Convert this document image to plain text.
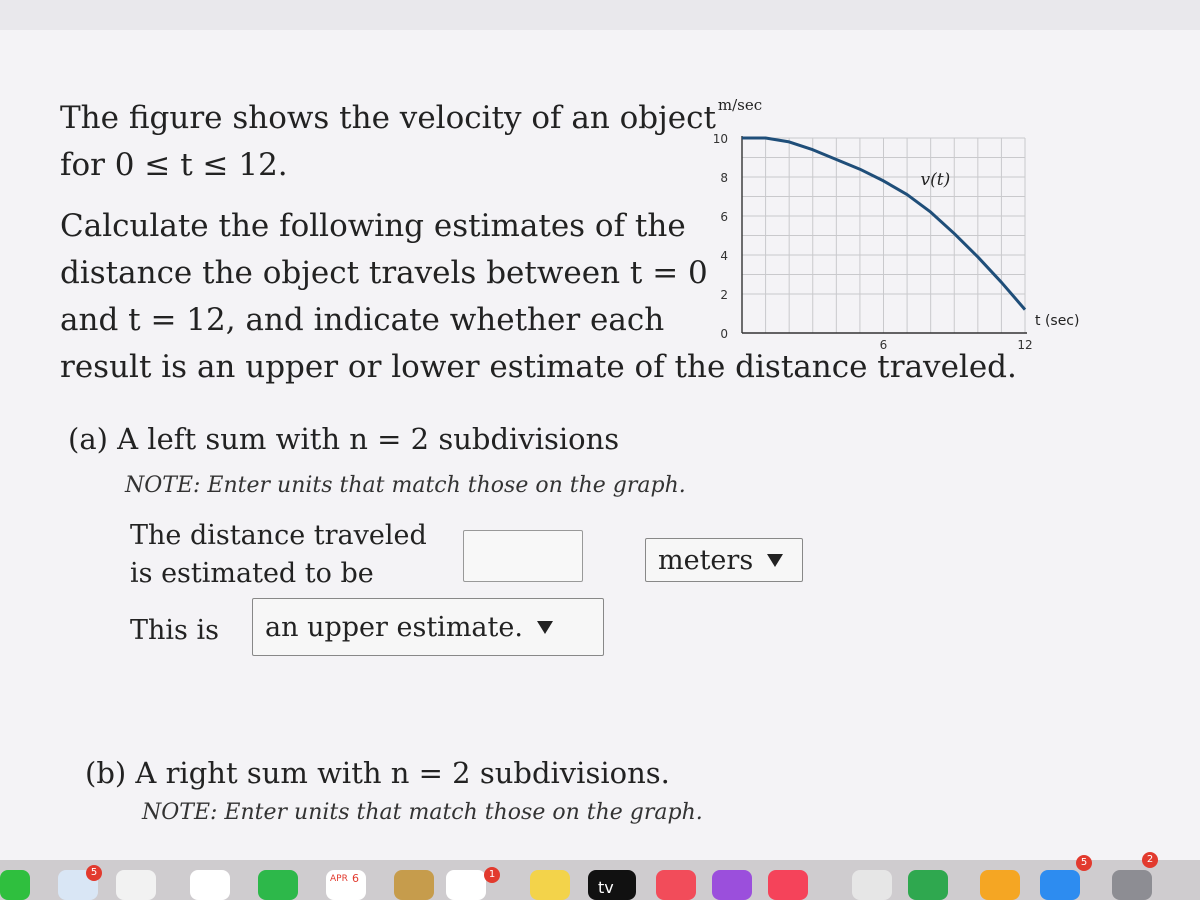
The figure shows the velocity of an object
for 0 ≤ t ≤ 12.
Calculate the following estimates of the
distance the object travels between t = 0
and t = 12, and indicate whether each
result is an upper or lower estimate of the distance traveled.
0
2
4
6
8
10
6	12
m/sec
t (sec)
v(t)
(a) A left sum with n = 2 subdivisions
NOTE: Enter units that match those on the graph.
The distance traveled
is estimated to be	meters
This is an upper estimate.
(b) A right sum with n = 2 subdivisions.
NOTE: Enter units that match those on the graph.
5
APR 6	1
tv
5	2
